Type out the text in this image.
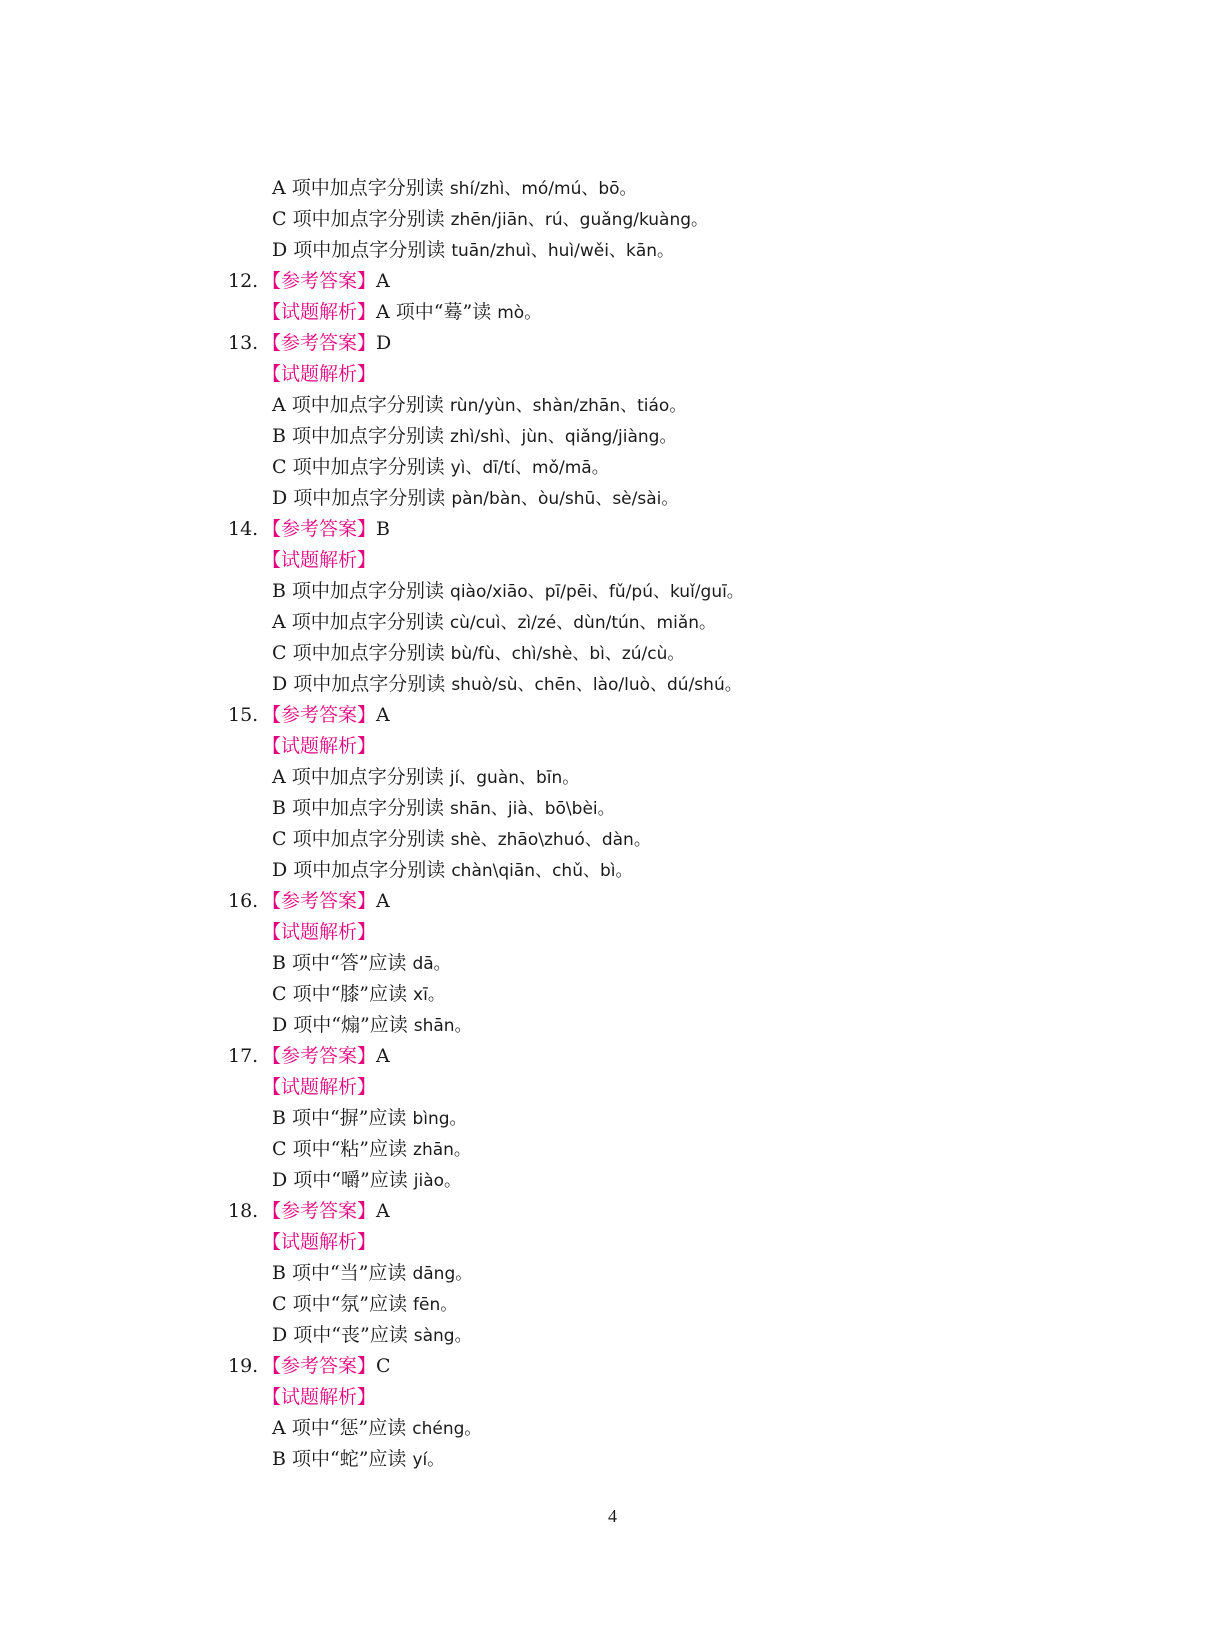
A 项中加点字分别读 shí/zhì、mó/mú、bō。
C 项中加点字分别读 zhēn/jiān、rú、guǎng/kuàng。
D 项中加点字分别读 tuān/zhuì、huì/wěi、kān。
12. 【参考答案】A
【试题解析】A 项中“蓦”读 mò。
13. 【参考答案】D
【试题解析】
A 项中加点字分别读 rùn/yùn、shàn/zhān、tiáo。
B 项中加点字分别读 zhì/shì、jùn、qiǎng/jiàng。
C 项中加点字分别读 yì、dī/tí、mǒ/mā。
D 项中加点字分别读 pàn/bàn、òu/shū、sè/sài。
14. 【参考答案】B
【试题解析】
B 项中加点字分别读 qiào/xiāo、pī/pēi、fǔ/pú、kuǐ/guī。
A 项中加点字分别读 cù/cuì、zì/zé、dùn/tún、miǎn。
C 项中加点字分别读 bù/fù、chì/shè、bì、zú/cù。
D 项中加点字分别读 shuò/sù、chēn、lào/luò、dú/shú。
15. 【参考答案】A
【试题解析】
A 项中加点字分别读 jí、guàn、bīn。
B 项中加点字分别读 shān、jià、bō\bèi。
C 项中加点字分别读 shè、zhāo\zhuó、dàn。
D 项中加点字分别读 chàn\qiān、chǔ、bì。
16. 【参考答案】A
【试题解析】
B 项中“答”应读 dā。
C 项中“膝”应读 xī。
D 项中“煽”应读 shān。
17. 【参考答案】A
【试题解析】
B 项中“摒”应读 bìng。
C 项中“粘”应读 zhān。
D 项中“嚼”应读 jiào。
18. 【参考答案】A
【试题解析】
B 项中“当”应读 dāng。
C 项中“氛”应读 fēn。
D 项中“丧”应读 sàng。
19. 【参考答案】C
【试题解析】
A 项中“惩”应读 chéng。
B 项中“蛇”应读 yí。
4
